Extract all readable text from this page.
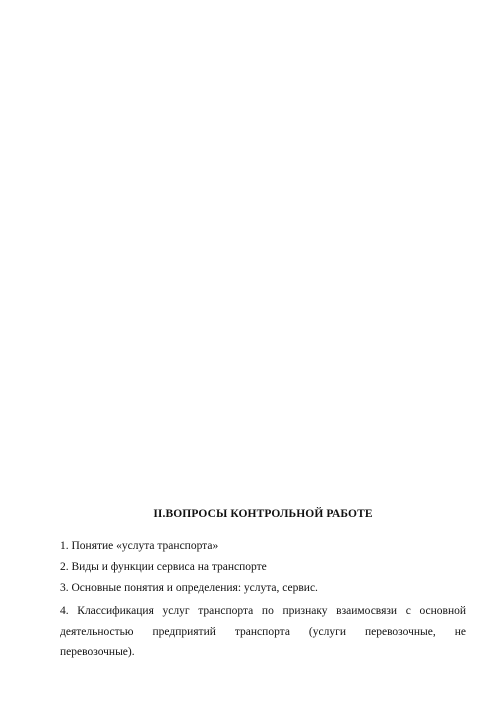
II.ВОПРОСЫ КОНТРОЛЬНОЙ РАБОТЕ
1. Понятие «услута транспорта»
2. Виды и функции сервиса на транспорте
3. Основные понятия и определения: услута, сервис.
4. Классификация услуг транспорта по признаку взаимосвязи с основной деятельностью предприятий транспорта (услуги перевозочные, не перевозочные).
